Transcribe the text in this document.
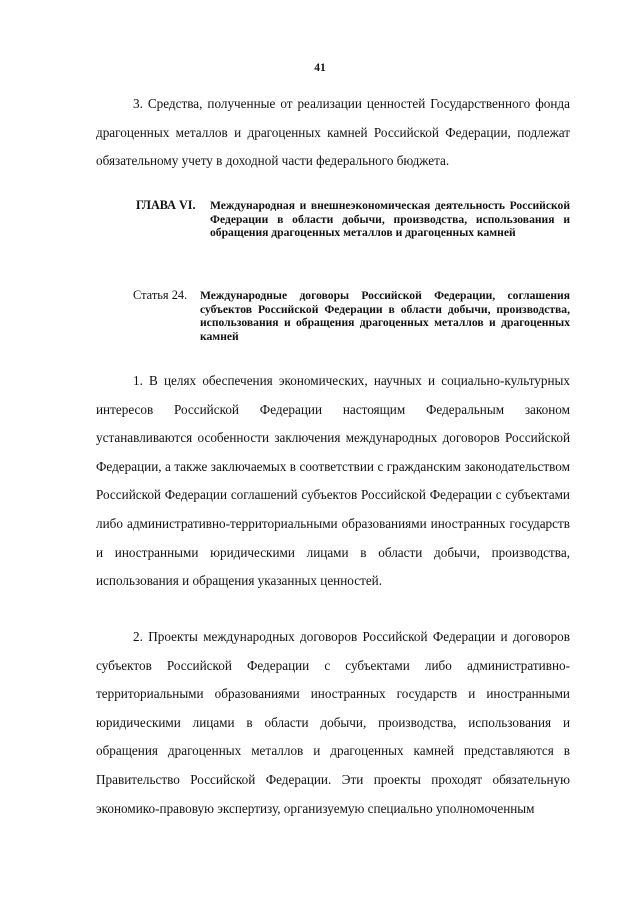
41

3. Средства, полученные от реализации ценностей Государственного фонда драгоценных металлов и драгоценных камней Российской Федерации, подлежат обязательному учету в доходной части федерального бюджета.

ГЛАВА VI. Международная и внешнеэкономическая деятельность Российской Федерации в области добычи, производства, использования и обращения драгоценных металлов и драгоценных камней

Статья 24. Международные договоры Российской Федерации, соглашения субъектов Российской Федерации в области добычи, производства, использования и обращения драгоценных металлов и драгоценных камней

1. В целях обеспечения экономических, научных и социально-культурных интересов Российской Федерации настоящим Федеральным законом устанавливаются особенности заключения международных договоров Российской Федерации, а также заключаемых в соответствии с гражданским законодательством Российской Федерации соглашений субъектов Российской Федерации с субъектами либо административно-территориальными образованиями иностранных государств и иностранными юридическими лицами в области добычи, производства, использования и обращения указанных ценностей.

2. Проекты международных договоров Российской Федерации и договоров субъектов Российской Федерации с субъектами либо административно-территориальными образованиями иностранных государств и иностранными юридическими лицами в области добычи, производства, использования и обращения драгоценных металлов и драгоценных камней представляются в Правительство Российской Федерации. Эти проекты проходят обязательную экономико-правовую экспертизу, организуемую специально уполномоченным
